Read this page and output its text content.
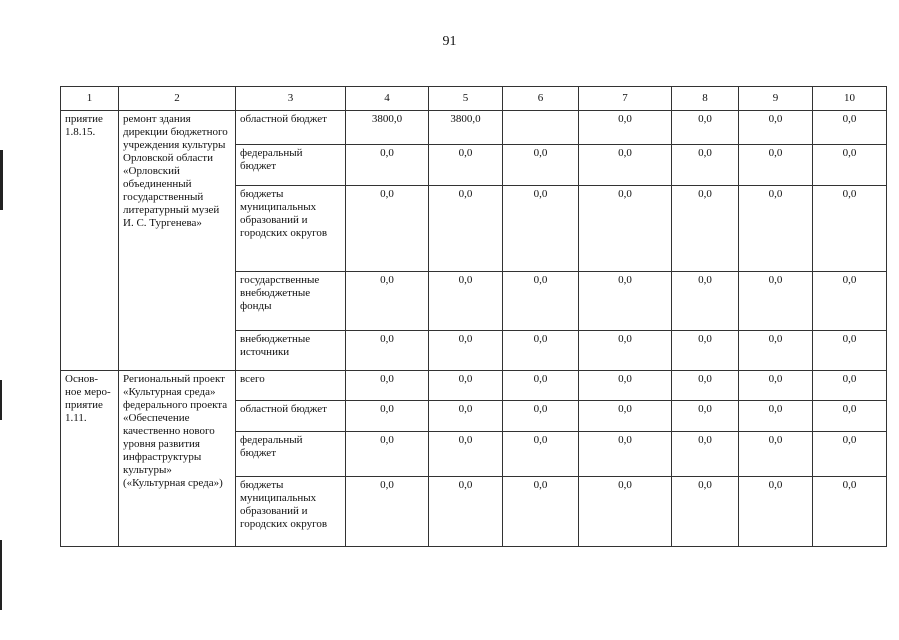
91
1	2	3	4	5	6	7	8	9	10
приятие 1.8.15.	ремонт здания дирекции бюджетного учреждения культуры Орловской области «Орловский объединенный государственный литературный музей И. С. Тургенева»	областной бюджет	3800,0	3800,0		0,0	0,0	0,0	0,0
		федеральный бюджет	0,0	0,0	0,0	0,0	0,0	0,0	0,0
		бюджеты муниципальных образований и городских округов	0,0	0,0	0,0	0,0	0,0	0,0	0,0
		государственные внебюджетные фонды	0,0	0,0	0,0	0,0	0,0	0,0	0,0
		внебюджетные источники	0,0	0,0	0,0	0,0	0,0	0,0	0,0
Основ- ное меро- приятие 1.11.	Региональный проект «Культурная среда» федерального проекта «Обеспечение качественно нового уровня развития инфраструктуры культуры» («Культурная среда»)	всего	0,0	0,0	0,0	0,0	0,0	0,0	0,0
		областной бюджет	0,0	0,0	0,0	0,0	0,0	0,0	0,0
		федеральный бюджет	0,0	0,0	0,0	0,0	0,0	0,0	0,0
		бюджеты муниципальных образований и городских округов	0,0	0,0	0,0	0,0	0,0	0,0	0,0
